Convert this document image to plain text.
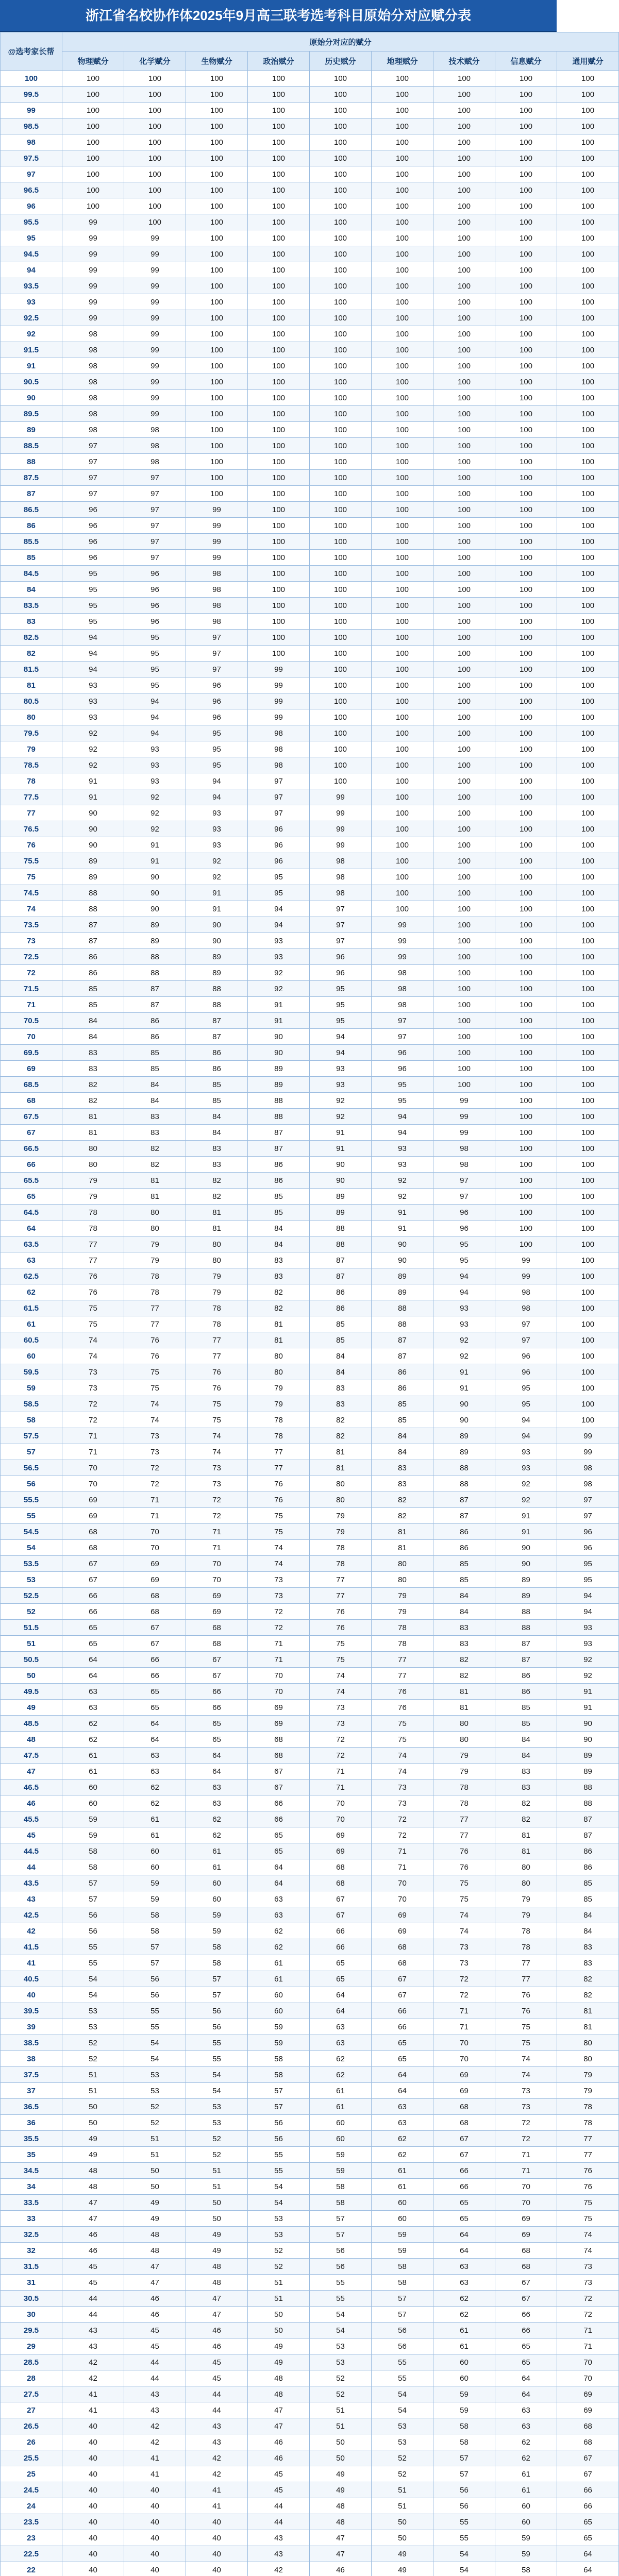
浙江省名校协作体2025年9月高三联考选考科目原始分对应赋分表
@选考家长帮	原始分对应的赋分								
	物理赋分	化学赋分	生物赋分	政治赋分	历史赋分	地理赋分	技术赋分	信息赋分	通用赋分
100	100	100	100	100	100	100	100	100	100
99.5	100	100	100	100	100	100	100	100	100
99	100	100	100	100	100	100	100	100	100
98.5	100	100	100	100	100	100	100	100	100
98	100	100	100	100	100	100	100	100	100
97.5	100	100	100	100	100	100	100	100	100
97	100	100	100	100	100	100	100	100	100
96.5	100	100	100	100	100	100	100	100	100
96	100	100	100	100	100	100	100	100	100
95.5	99	100	100	100	100	100	100	100	100
95	99	99	100	100	100	100	100	100	100
94.5	99	99	100	100	100	100	100	100	100
94	99	99	100	100	100	100	100	100	100
93.5	99	99	100	100	100	100	100	100	100
93	99	99	100	100	100	100	100	100	100
92.5	99	99	100	100	100	100	100	100	100
92	98	99	100	100	100	100	100	100	100
91.5	98	99	100	100	100	100	100	100	100
91	98	99	100	100	100	100	100	100	100
90.5	98	99	100	100	100	100	100	100	100
90	98	99	100	100	100	100	100	100	100
89.5	98	99	100	100	100	100	100	100	100
89	98	98	100	100	100	100	100	100	100
88.5	97	98	100	100	100	100	100	100	100
88	97	98	100	100	100	100	100	100	100
87.5	97	97	100	100	100	100	100	100	100
87	97	97	100	100	100	100	100	100	100
86.5	96	97	99	100	100	100	100	100	100
86	96	97	99	100	100	100	100	100	100
85.5	96	97	99	100	100	100	100	100	100
85	96	97	99	100	100	100	100	100	100
84.5	95	96	98	100	100	100	100	100	100
84	95	96	98	100	100	100	100	100	100
83.5	95	96	98	100	100	100	100	100	100
83	95	96	98	100	100	100	100	100	100
82.5	94	95	97	100	100	100	100	100	100
82	94	95	97	100	100	100	100	100	100
81.5	94	95	97	99	100	100	100	100	100
81	93	95	96	99	100	100	100	100	100
80.5	93	94	96	99	100	100	100	100	100
80	93	94	96	99	100	100	100	100	100
79.5	92	94	95	98	100	100	100	100	100
79	92	93	95	98	100	100	100	100	100
78.5	92	93	95	98	100	100	100	100	100
78	91	93	94	97	100	100	100	100	100
77.5	91	92	94	97	99	100	100	100	100
77	90	92	93	97	99	100	100	100	100
76.5	90	92	93	96	99	100	100	100	100
76	90	91	93	96	99	100	100	100	100
75.5	89	91	92	96	98	100	100	100	100
75	89	90	92	95	98	100	100	100	100
74.5	88	90	91	95	98	100	100	100	100
74	88	90	91	94	97	100	100	100	100
73.5	87	89	90	94	97	99	100	100	100
73	87	89	90	93	97	99	100	100	100
72.5	86	88	89	93	96	99	100	100	100
72	86	88	89	92	96	98	100	100	100
71.5	85	87	88	92	95	98	100	100	100
71	85	87	88	91	95	98	100	100	100
70.5	84	86	87	91	95	97	100	100	100
70	84	86	87	90	94	97	100	100	100
69.5	83	85	86	90	94	96	100	100	100
69	83	85	86	89	93	96	100	100	100
68.5	82	84	85	89	93	95	100	100	100
68	82	84	85	88	92	95	99	100	100
67.5	81	83	84	88	92	94	99	100	100
67	81	83	84	87	91	94	99	100	100
66.5	80	82	83	87	91	93	98	100	100
66	80	82	83	86	90	93	98	100	100
65.5	79	81	82	86	90	92	97	100	100
65	79	81	82	85	89	92	97	100	100
64.5	78	80	81	85	89	91	96	100	100
64	78	80	81	84	88	91	96	100	100
63.5	77	79	80	84	88	90	95	100	100
63	77	79	80	83	87	90	95	99	100
62.5	76	78	79	83	87	89	94	99	100
62	76	78	79	82	86	89	94	98	100
61.5	75	77	78	82	86	88	93	98	100
61	75	77	78	81	85	88	93	97	100
60.5	74	76	77	81	85	87	92	97	100
60	74	76	77	80	84	87	92	96	100
59.5	73	75	76	80	84	86	91	96	100
59	73	75	76	79	83	86	91	95	100
58.5	72	74	75	79	83	85	90	95	100
58	72	74	75	78	82	85	90	94	100
57.5	71	73	74	78	82	84	89	94	99
57	71	73	74	77	81	84	89	93	99
56.5	70	72	73	77	81	83	88	93	98
56	70	72	73	76	80	83	88	92	98
55.5	69	71	72	76	80	82	87	92	97
55	69	71	72	75	79	82	87	91	97
54.5	68	70	71	75	79	81	86	91	96
54	68	70	71	74	78	81	86	90	96
53.5	67	69	70	74	78	80	85	90	95
53	67	69	70	73	77	80	85	89	95
52.5	66	68	69	73	77	79	84	89	94
52	66	68	69	72	76	79	84	88	94
51.5	65	67	68	72	76	78	83	88	93
51	65	67	68	71	75	78	83	87	93
50.5	64	66	67	71	75	77	82	87	92
50	64	66	67	70	74	77	82	86	92
49.5	63	65	66	70	74	76	81	86	91
49	63	65	66	69	73	76	81	85	91
48.5	62	64	65	69	73	75	80	85	90
48	62	64	65	68	72	75	80	84	90
47.5	61	63	64	68	72	74	79	84	89
47	61	63	64	67	71	74	79	83	89
46.5	60	62	63	67	71	73	78	83	88
46	60	62	63	66	70	73	78	82	88
45.5	59	61	62	66	70	72	77	82	87
45	59	61	62	65	69	72	77	81	87
44.5	58	60	61	65	69	71	76	81	86
44	58	60	61	64	68	71	76	80	86
43.5	57	59	60	64	68	70	75	80	85
43	57	59	60	63	67	70	75	79	85
42.5	56	58	59	63	67	69	74	79	84
42	56	58	59	62	66	69	74	78	84
41.5	55	57	58	62	66	68	73	78	83
41	55	57	58	61	65	68	73	77	83
40.5	54	56	57	61	65	67	72	77	82
40	54	56	57	60	64	67	72	76	82
39.5	53	55	56	60	64	66	71	76	81
39	53	55	56	59	63	66	71	75	81
38.5	52	54	55	59	63	65	70	75	80
38	52	54	55	58	62	65	70	74	80
37.5	51	53	54	58	62	64	69	74	79
37	51	53	54	57	61	64	69	73	79
36.5	50	52	53	57	61	63	68	73	78
36	50	52	53	56	60	63	68	72	78
35.5	49	51	52	56	60	62	67	72	77
35	49	51	52	55	59	62	67	71	77
34.5	48	50	51	55	59	61	66	71	76
34	48	50	51	54	58	61	66	70	76
33.5	47	49	50	54	58	60	65	70	75
33	47	49	50	53	57	60	65	69	75
32.5	46	48	49	53	57	59	64	69	74
32	46	48	49	52	56	59	64	68	74
31.5	45	47	48	52	56	58	63	68	73
31	45	47	48	51	55	58	63	67	73
30.5	44	46	47	51	55	57	62	67	72
30	44	46	47	50	54	57	62	66	72
29.5	43	45	46	50	54	56	61	66	71
29	43	45	46	49	53	56	61	65	71
28.5	42	44	45	49	53	55	60	65	70
28	42	44	45	48	52	55	60	64	70
27.5	41	43	44	48	52	54	59	64	69
27	41	43	44	47	51	54	59	63	69
26.5	40	42	43	47	51	53	58	63	68
26	40	42	43	46	50	53	58	62	68
25.5	40	41	42	46	50	52	57	62	67
25	40	41	42	45	49	52	57	61	67
24.5	40	40	41	45	49	51	56	61	66
24	40	40	41	44	48	51	56	60	66
23.5	40	40	40	44	48	50	55	60	65
23	40	40	40	43	47	50	55	59	65
22.5	40	40	40	43	47	49	54	59	64
22	40	40	40	42	46	49	54	58	64
